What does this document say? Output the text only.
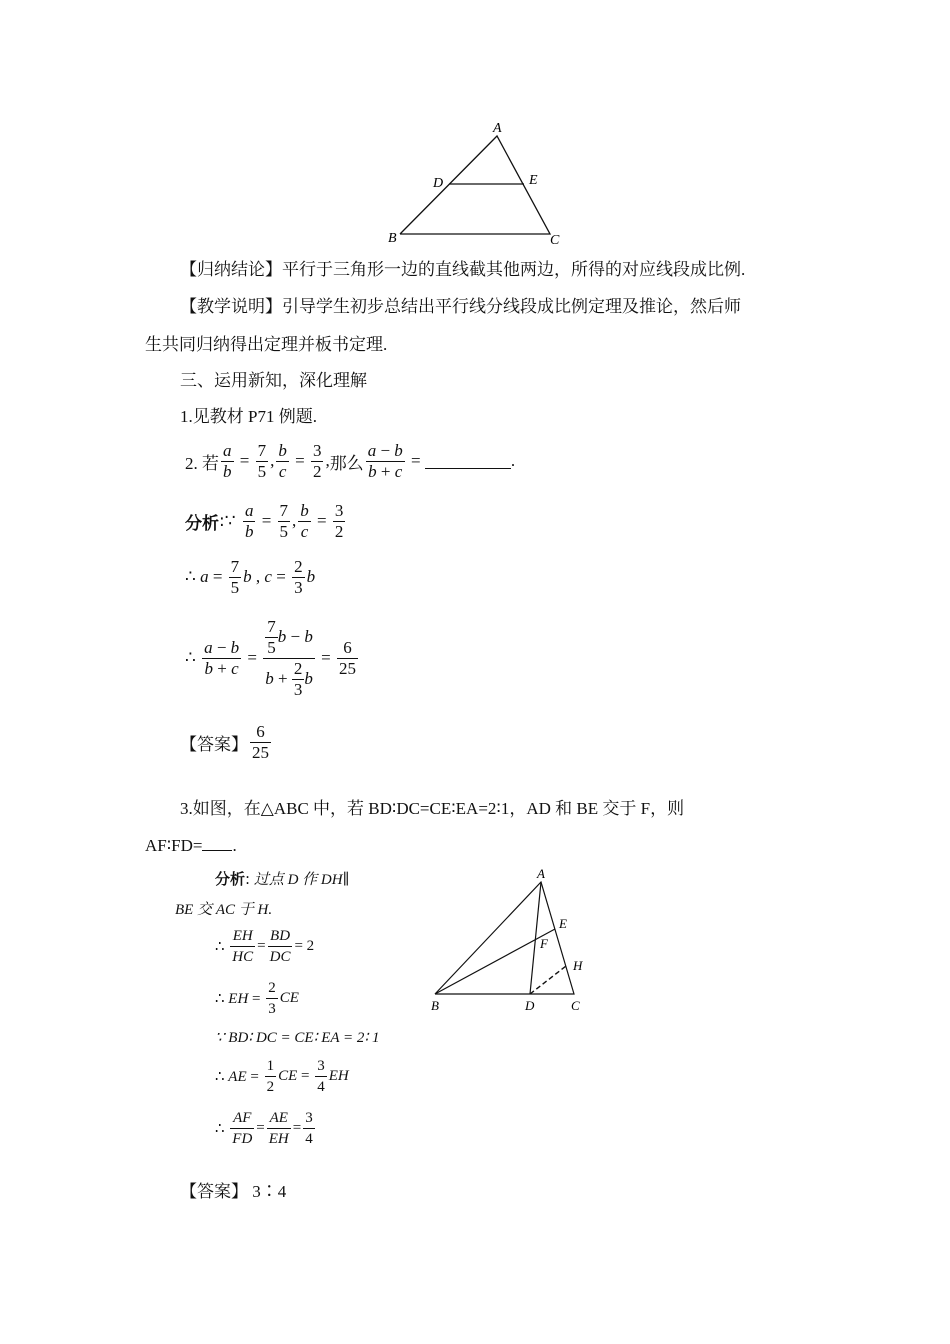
A
D	E
B	C
【归纳结论】平行于三角形一边的直线截其他两边，所得的对应线段成比例.
【教学说明】引导学生初步总结出平行线分线段成比例定理及推论，然后师
生共同归纳得出定理并板书定理.
三、运用新知，深化理解
1.见教材 P71 例题.
2. 若 $\frac{a}{b} = \frac{7}{5}$ , $\frac{b}{c} = \frac{3}{2}$ , 那么 $\frac{a - b}{b + c}$ =	.
分析 :∵ $\frac{a}{b} = \frac{7}{5}$ , $\frac{b}{c} = \frac{3}{2}$
∴ $a = \frac{7}{5}$ b , $c = \frac{2}{3}$ b
∴ $\frac{a - b}{b + c} = \frac{\frac{7}{5} b - b}{b + \frac{2}{3} b} = \frac{6}{25}$
【答案】 $\frac{6}{25}$
3.如图，在△ABC 中，若 BD∶DC=CE∶EA=2∶1，AD 和 BE 交于 F，则
AF∶FD= .
分析: 过点 D 作 DH∥
BE 交 AC 于 H.
∴ $\frac{EH}{HC} = \frac{BD}{DC} = 2$
∴ EH = $\frac{2}{3}$ CE
∵ BD∶ DC = CE∶ EA = 2∶ 1
∴ AE = $\frac{1}{2}$ CE = $\frac{3}{4}$ EH
∴ $\frac{AF}{FD} = \frac{AE}{EH} = \frac{3}{4}$
【答案】 3∶4
A
E
F
H
B	D	C
